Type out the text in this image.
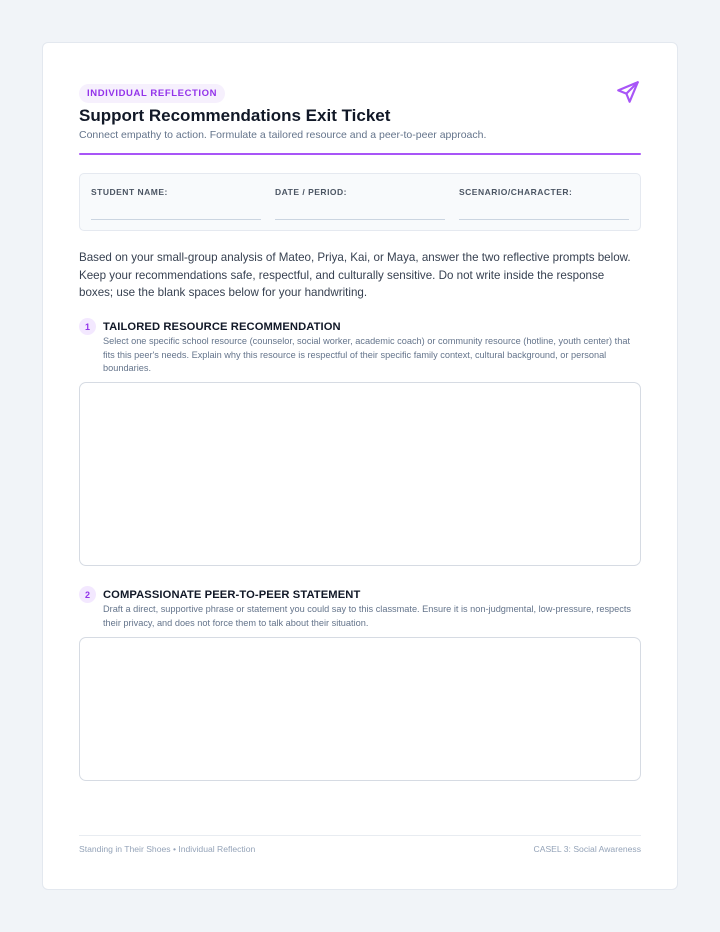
INDIVIDUAL REFLECTION
Support Recommendations Exit Ticket

Connect empathy to action. Formulate a tailored resource and a peer-to-peer approach.

STUDENT NAME:	DATE / PERIOD:	SCENARIO/CHARACTER:

Based on your small-group analysis of Mateo, Priya, Kai, or Maya, answer the two reflective prompts below. Keep your recommendations safe, respectful, and culturally sensitive. Do not write inside the response boxes; use the blank spaces below for your handwriting.

1	TAILORED RESOURCE RECOMMENDATION

Select one specific school resource (counselor, social worker, academic coach) or community resource (hotline, youth center) that fits this peer's needs. Explain why this resource is respectful of their specific family context, cultural background, or personal boundaries.

2	COMPASSIONATE PEER-TO-PEER STATEMENT

Draft a direct, supportive phrase or statement you could say to this classmate. Ensure it is non-judgmental, low-pressure, respects their privacy, and does not force them to talk about their situation.

Standing in Their Shoes • Individual Reflection	CASEL 3: Social Awareness
